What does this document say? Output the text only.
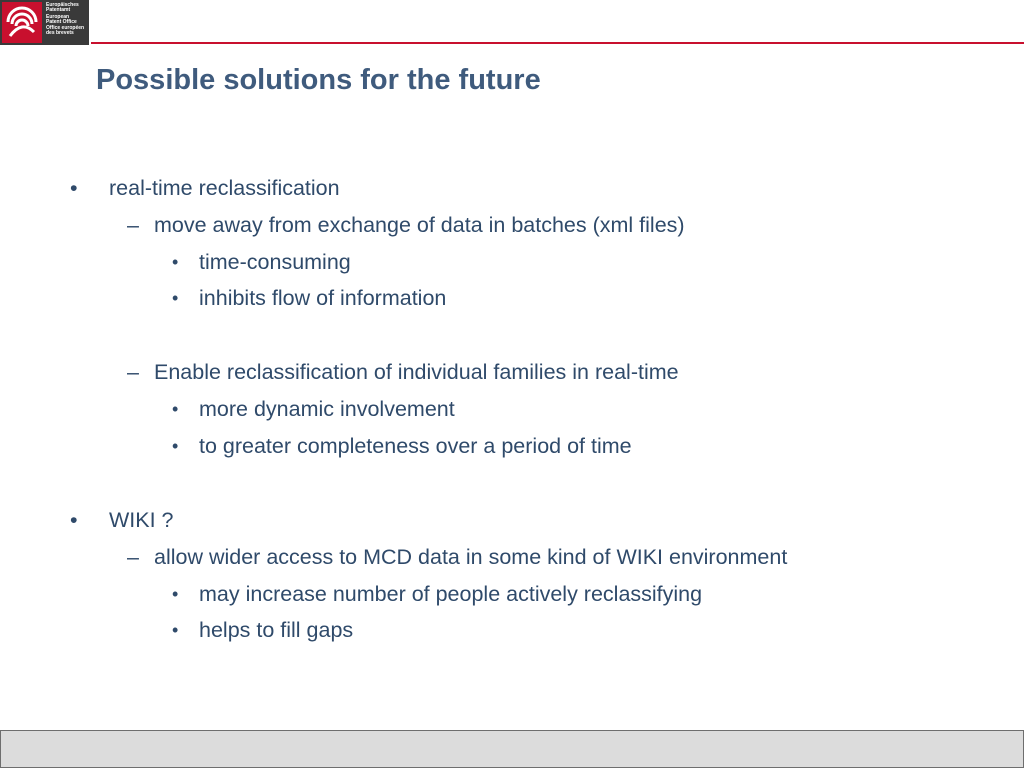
Europäisches
Patentamt
European
Patent Office
Office européen
des brevets
Possible solutions for the future
• real-time reclassification
– move away from exchange of data in batches (xml files)
• time-consuming
• inhibits flow of information
– Enable reclassification of individual families in real-time
• more dynamic involvement
• to greater completeness over a period of time
• WIKI ?
– allow wider access to MCD data in some kind of WIKI environment
• may increase number of people actively reclassifying
• helps to fill gaps
